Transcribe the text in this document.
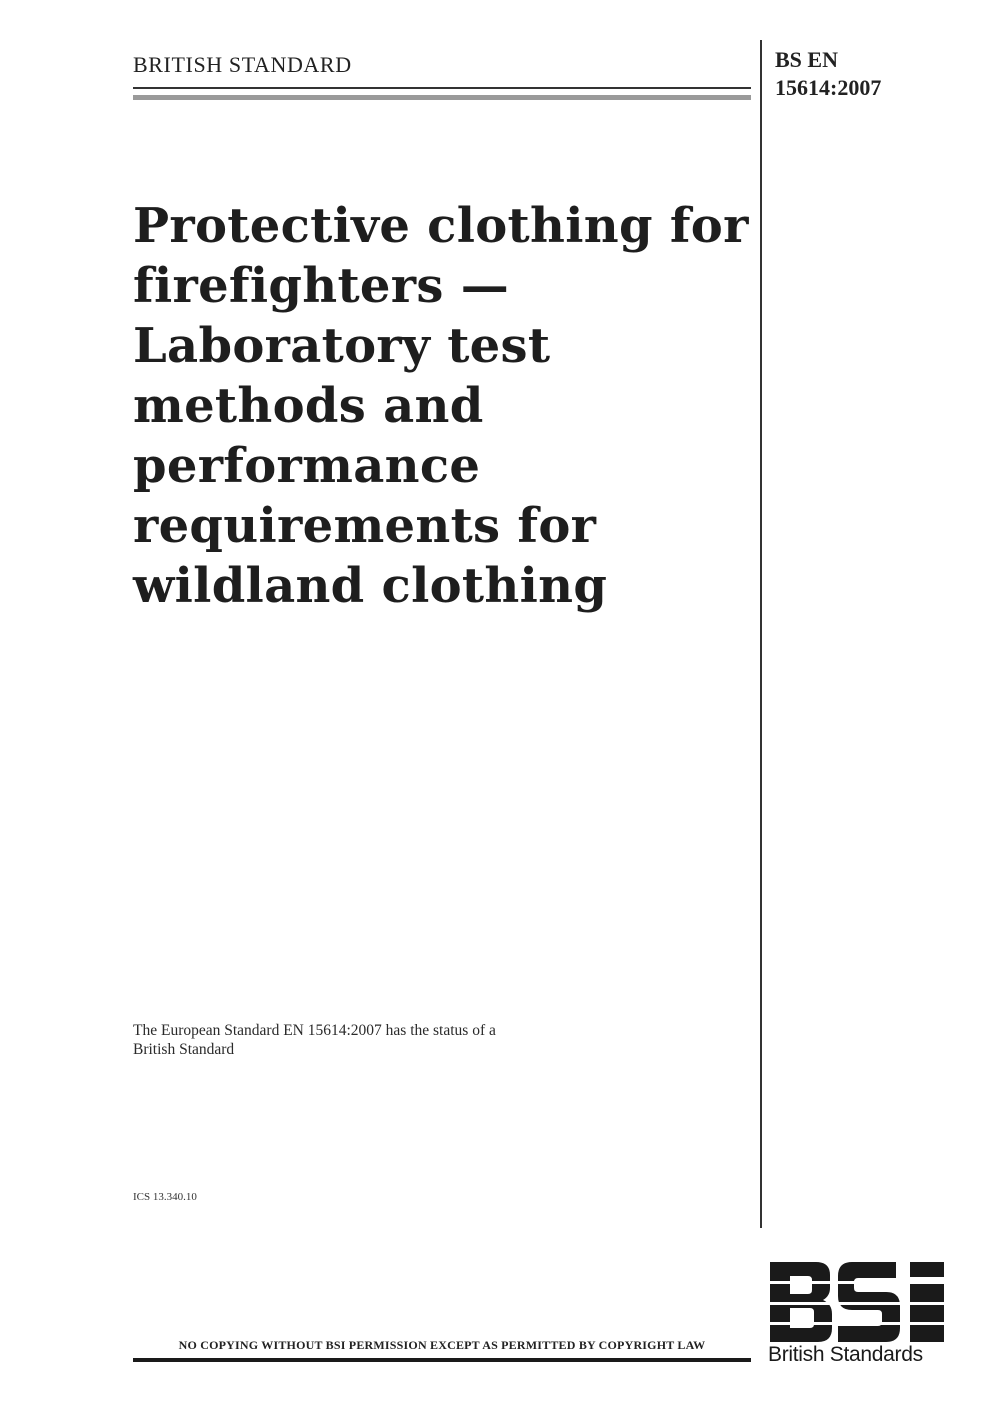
BRITISH STANDARD	BS EN
15614:2007
Protective clothing for
firefighters —
Laboratory test
methods and
performance
requirements for
wildland clothing
The European Standard EN 15614:2007 has the status of a
British Standard
ICS 13.340.10
NO COPYING WITHOUT BSI PERMISSION EXCEPT AS PERMITTED BY COPYRIGHT LAW	British Standards
